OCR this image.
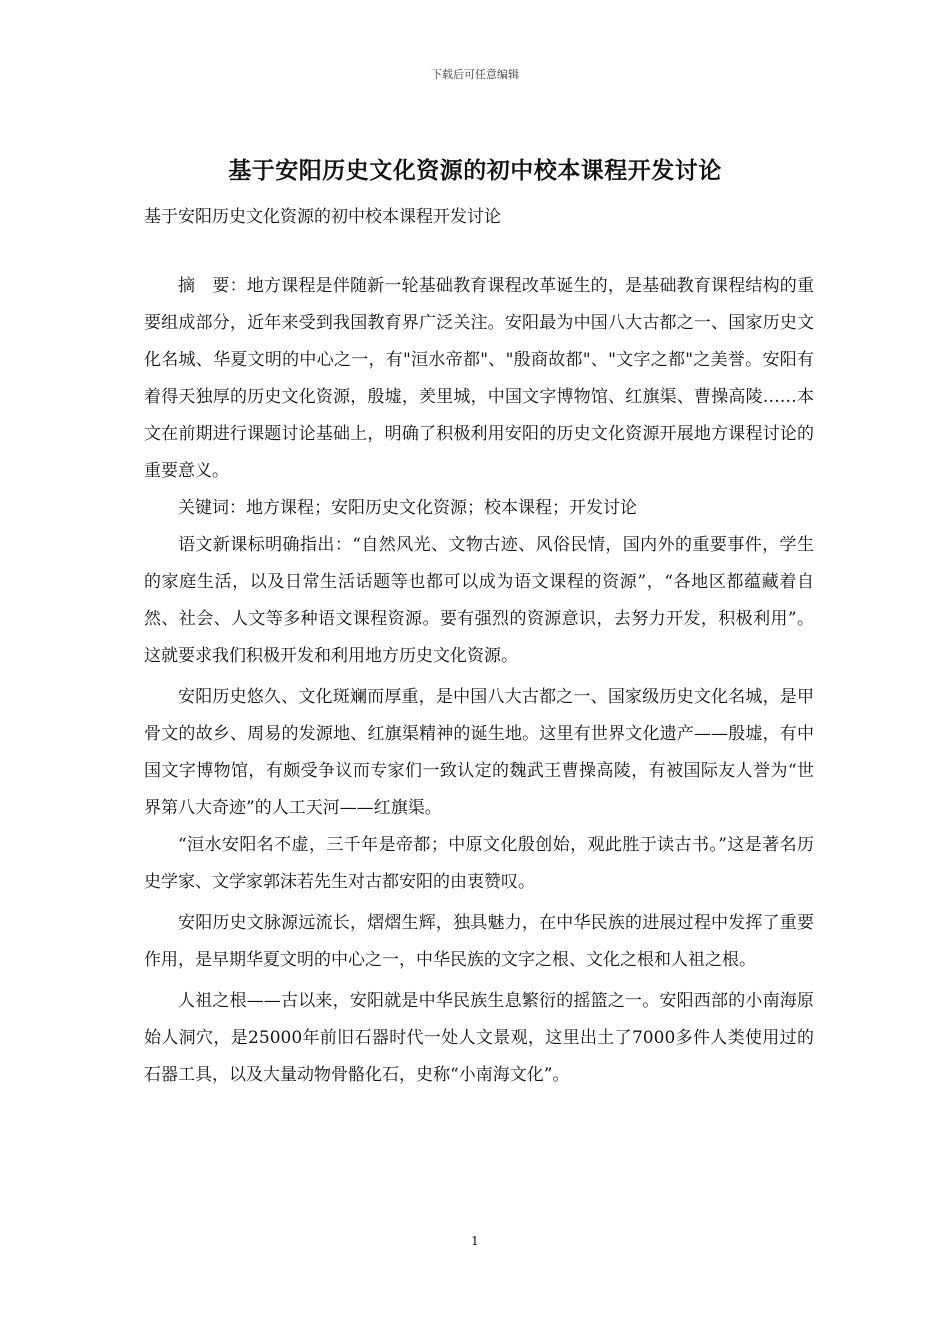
下载后可任意编辑
基于安阳历史文化资源的初中校本课程开发讨论

基于安阳历史文化资源的初中校本课程开发讨论

摘　要：地方课程是伴随新一轮基础教育课程改革诞生的，是基础教育课程结构的重要组成部分，近年来受到我国教育界广泛关注。安阳最为中国八大古都之一、国家历史文化名城、华夏文明的中心之一，有"洹水帝都"、"殷商故都"、"文字之都"之美誉。安阳有着得天独厚的历史文化资源，殷墟，羑里城，中国文字博物馆、红旗渠、曹操高陵……本文在前期进行课题讨论基础上，明确了积极利用安阳的历史文化资源开展地方课程讨论的重要意义。

关键词：地方课程；安阳历史文化资源；校本课程；开发讨论

语文新课标明确指出：“自然风光、文物古迹、风俗民情，国内外的重要事件，学生的家庭生活，以及日常生活话题等也都可以成为语文课程的资源”，“各地区都蕴藏着自然、社会、人文等多种语文课程资源。要有强烈的资源意识，去努力开发，积极利用”。这就要求我们积极开发和利用地方历史文化资源。

安阳历史悠久、文化斑斓而厚重，是中国八大古都之一、国家级历史文化名城，是甲骨文的故乡、周易的发源地、红旗渠精神的诞生地。这里有世界文化遗产——殷墟，有中国文字博物馆，有颇受争议而专家们一致认定的魏武王曹操高陵，有被国际友人誉为“世界第八大奇迹”的人工天河——红旗渠。

“洹水安阳名不虚，三千年是帝都；中原文化殷创始，观此胜于读古书。”这是著名历史学家、文学家郭沫若先生对古都安阳的由衷赞叹。

安阳历史文脉源远流长，熠熠生辉，独具魅力，在中华民族的进展过程中发挥了重要作用，是早期华夏文明的中心之一，中华民族的文字之根、文化之根和人祖之根。

人祖之根——古以来，安阳就是中华民族生息繁衍的摇篮之一。安阳西部的小南海原始人洞穴，是25000年前旧石器时代一处人文景观，这里出土了7000多件人类使用过的石器工具，以及大量动物骨骼化石，史称“小南海文化”。

1
